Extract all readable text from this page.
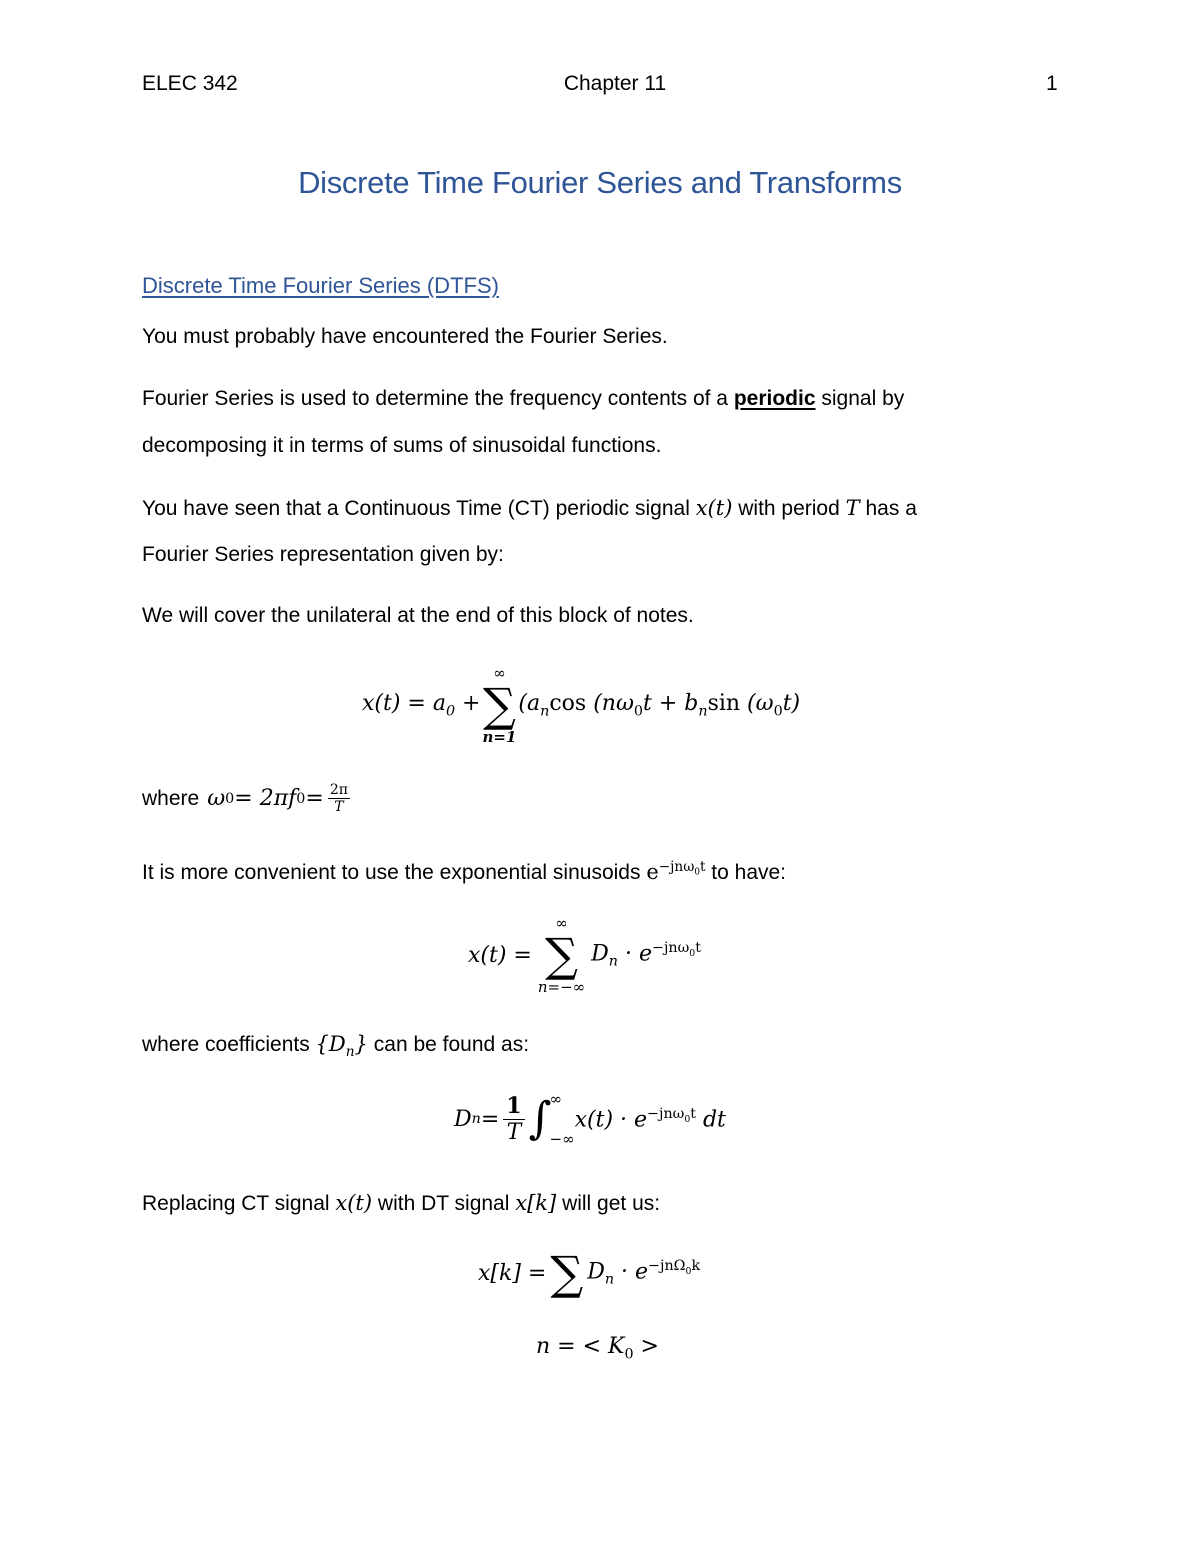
ELEC 342	Chapter 11	1
Discrete Time Fourier Series and Transforms
Discrete Time Fourier Series (DTFS)
You must probably have encountered the Fourier Series.
Fourier Series is used to determine the frequency contents of a periodic signal by
decomposing it in terms of sums of sinusoidal functions.
You have seen that a Continuous Time (CT) periodic signal x(t) with period T has a
Fourier Series representation given by:
We will cover the unilateral at the end of this block of notes.
$x(t) = a_0$ +
∞
∑
n=1
($a_n\cos$ ($n\omega_0t + b_n\sin$ $(\omega_0t)$
where ω 0 = 2πf $0 = \frac{2\pi}{T}$
It is more convenient to use the exponential sinusoids $e^{-jn\omega_0t}$ to have:
x(t) =
∞
∑
n=−∞
$D_n \cdot e^{-jn\omega_0t}$
where coefficients $\{D_n\}$ can be found as:
D $n = \frac{1}{T}$ ∫
∞
−∞
$x(t) \cdot e^{-jn\omega_0t}$ dt
Replacing CT signal x(t) with DT signal x[k] will get us:
x[k] = ∑ $D_n \cdot e^{-jn\Omega_0k}$
n = < $K_0$ >
